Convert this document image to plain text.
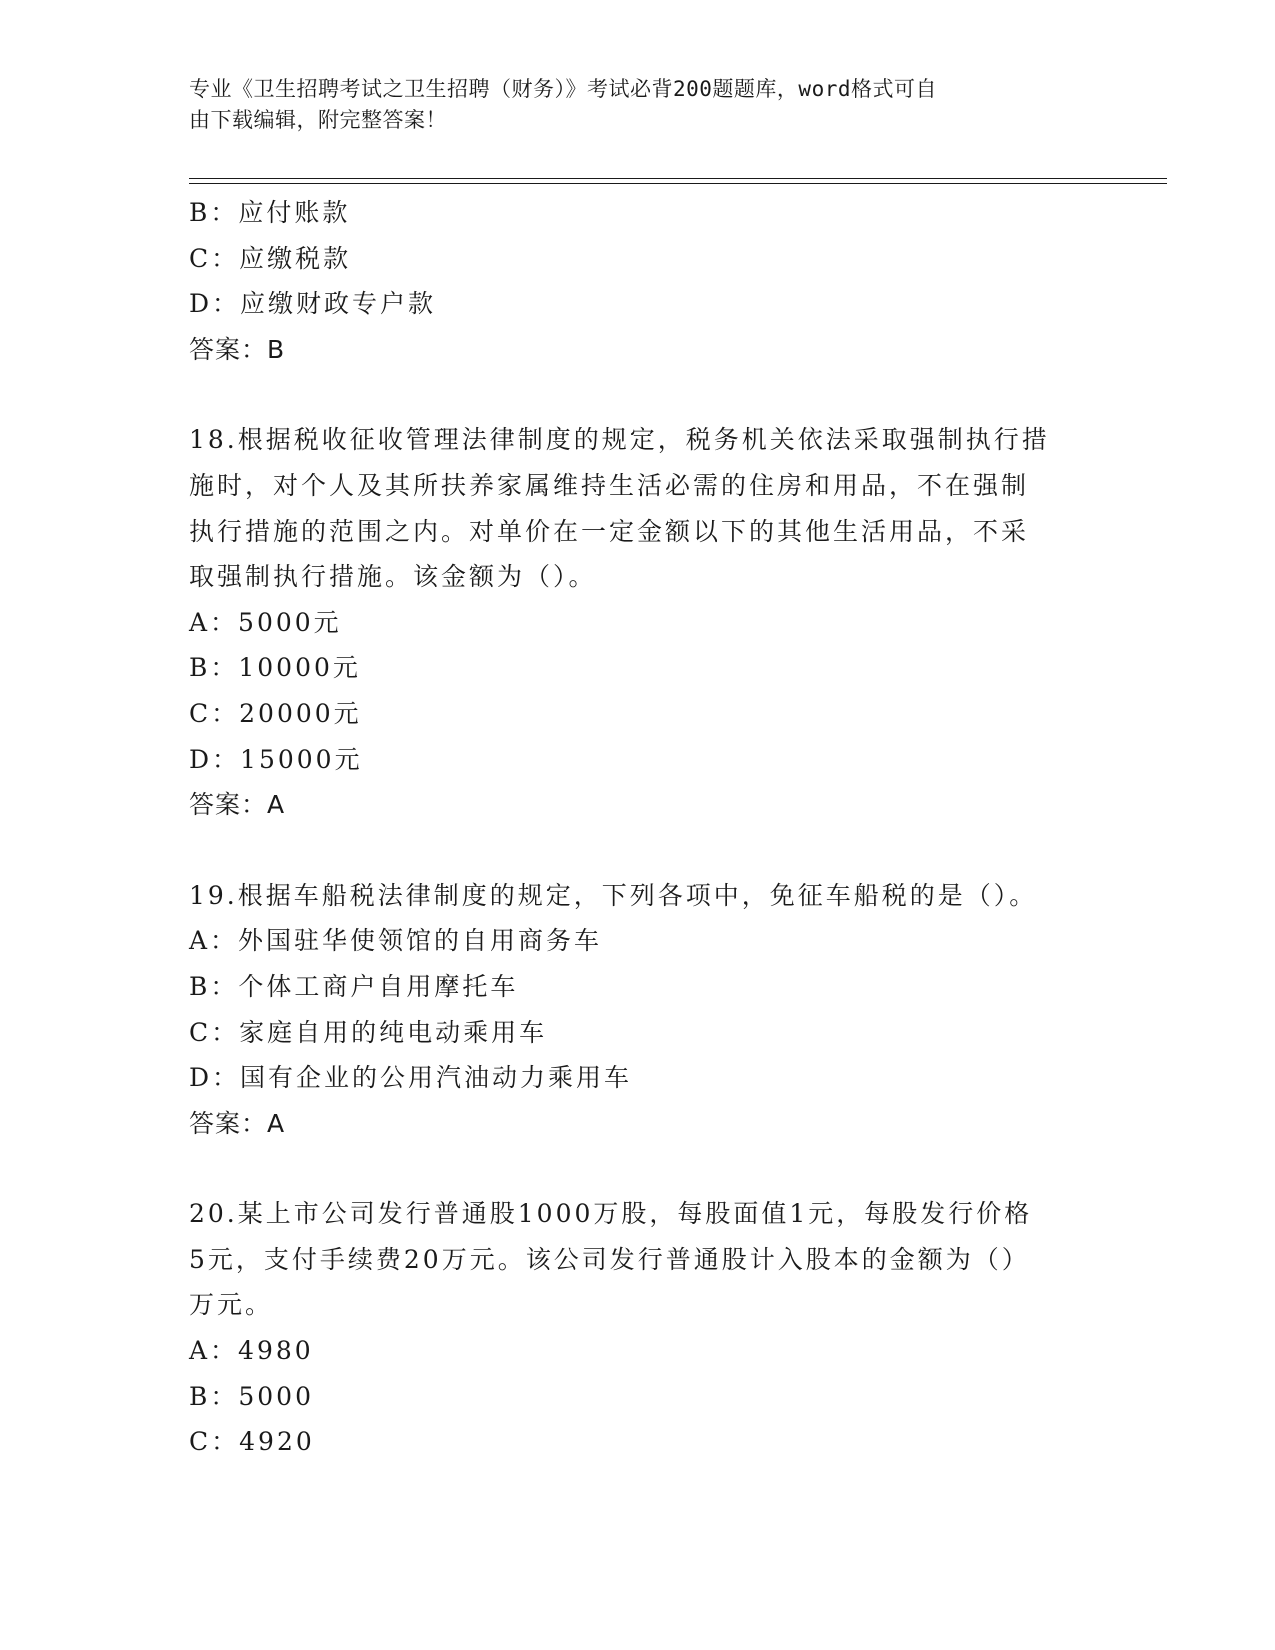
专业《卫生招聘考试之卫生招聘（财务）》考试必背200题题库，word格式可自

由下载编辑，附完整答案！

B：应付账款
C：应缴税款
D：应缴财政专户款
答案：B
18.根据税收征收管理法律制度的规定，税务机关依法采取强制执行措
施时，对个人及其所扶养家属维持生活必需的住房和用品，不在强制
执行措施的范围之内。对单价在一定金额以下的其他生活用品，不采
取强制执行措施。该金额为（）。
A：5000元
B：10000元
C：20000元
D：15000元
答案：A
19.根据车船税法律制度的规定，下列各项中，免征车船税的是（）。
A：外国驻华使领馆的自用商务车
B：个体工商户自用摩托车
C：家庭自用的纯电动乘用车
D：国有企业的公用汽油动力乘用车
答案：A
20.某上市公司发行普通股1000万股，每股面值1元，每股发行价格
5元，支付手续费20万元。该公司发行普通股计入股本的金额为（）
万元。
A：4980
B：5000
C：4920
